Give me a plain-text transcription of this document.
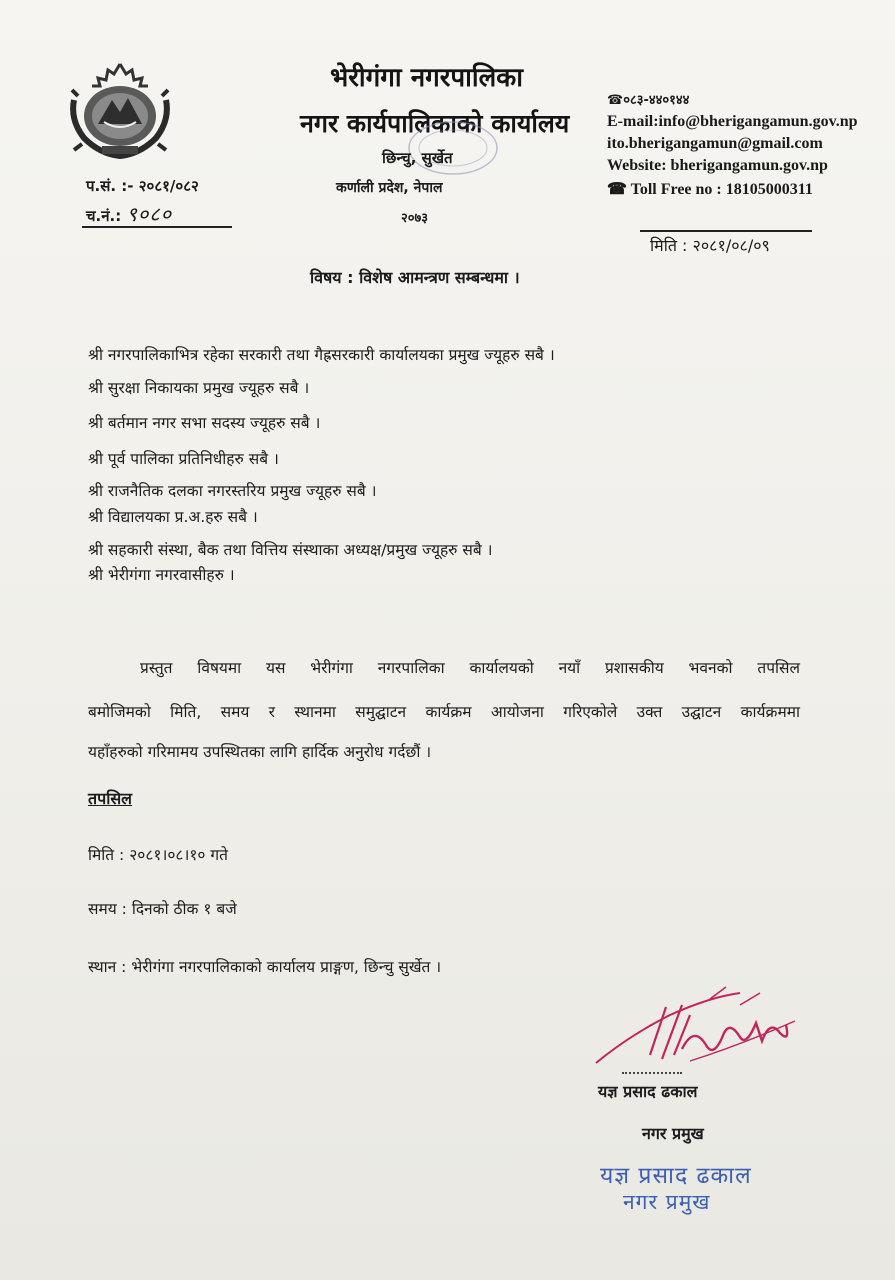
भेरीगंगा नगरपालिका
नगर कार्यपालिकाको कार्यालय
छिन्चु, सुर्खेत
कर्णाली प्रदेश, नेपाल
२०७३
☎०८३-४४०१४४
E-mail:info@bherigangamun.gov.np
ito.bherigangamun@gmail.com
Website: bherigangamun.gov.np
☎ Toll Free no : 18105000311
प.सं. :- २०८१/०८२
च.नं.: ९०८०
मिति : २०८१/०८/०९
विषय : विशेष आमन्त्रण सम्बन्धमा ।
श्री नगरपालिकाभित्र रहेका सरकारी तथा गैह्रसरकारी कार्यालयका प्रमुख ज्यूहरु सबै ।
श्री सुरक्षा निकायका प्रमुख ज्यूहरु सबै ।
श्री बर्तमान नगर सभा सदस्य ज्यूहरु सबै ।
श्री पूर्व पालिका प्रतिनिधीहरु सबै ।
श्री राजनैतिक दलका नगरस्तरिय प्रमुख ज्यूहरु सबै ।
श्री विद्यालयका प्र.अ.हरु सबै ।
श्री सहकारी संस्था, बैक तथा वित्तिय संस्थाका अध्यक्ष/प्रमुख ज्यूहरु सबै ।
श्री भेरीगंगा नगरवासीहरु ।
प्रस्तुत विषयमा यस भेरीगंगा नगरपालिका कार्यालयको नयाँ प्रशासकीय भवनको तपसिल
बमोजिमको मिति, समय र स्थानमा समुद्घाटन कार्यक्रम आयोजना गरिएकोले उक्त उद्घाटन कार्यक्रममा
यहाँहरुको गरिमामय उपस्थितका लागि हार्दिक अनुरोध गर्दछौं ।
तपसिल
मिति : २०८१।०८।१० गते
समय : दिनको ठीक १ बजे
स्थान : भेरीगंगा नगरपालिकाको कार्यालय प्राङ्गण, छिन्चु सुर्खेत ।
यज्ञ प्रसाद ढकाल
नगर प्रमुख
यज्ञ प्रसाद ढकाल
नगर प्रमुख
